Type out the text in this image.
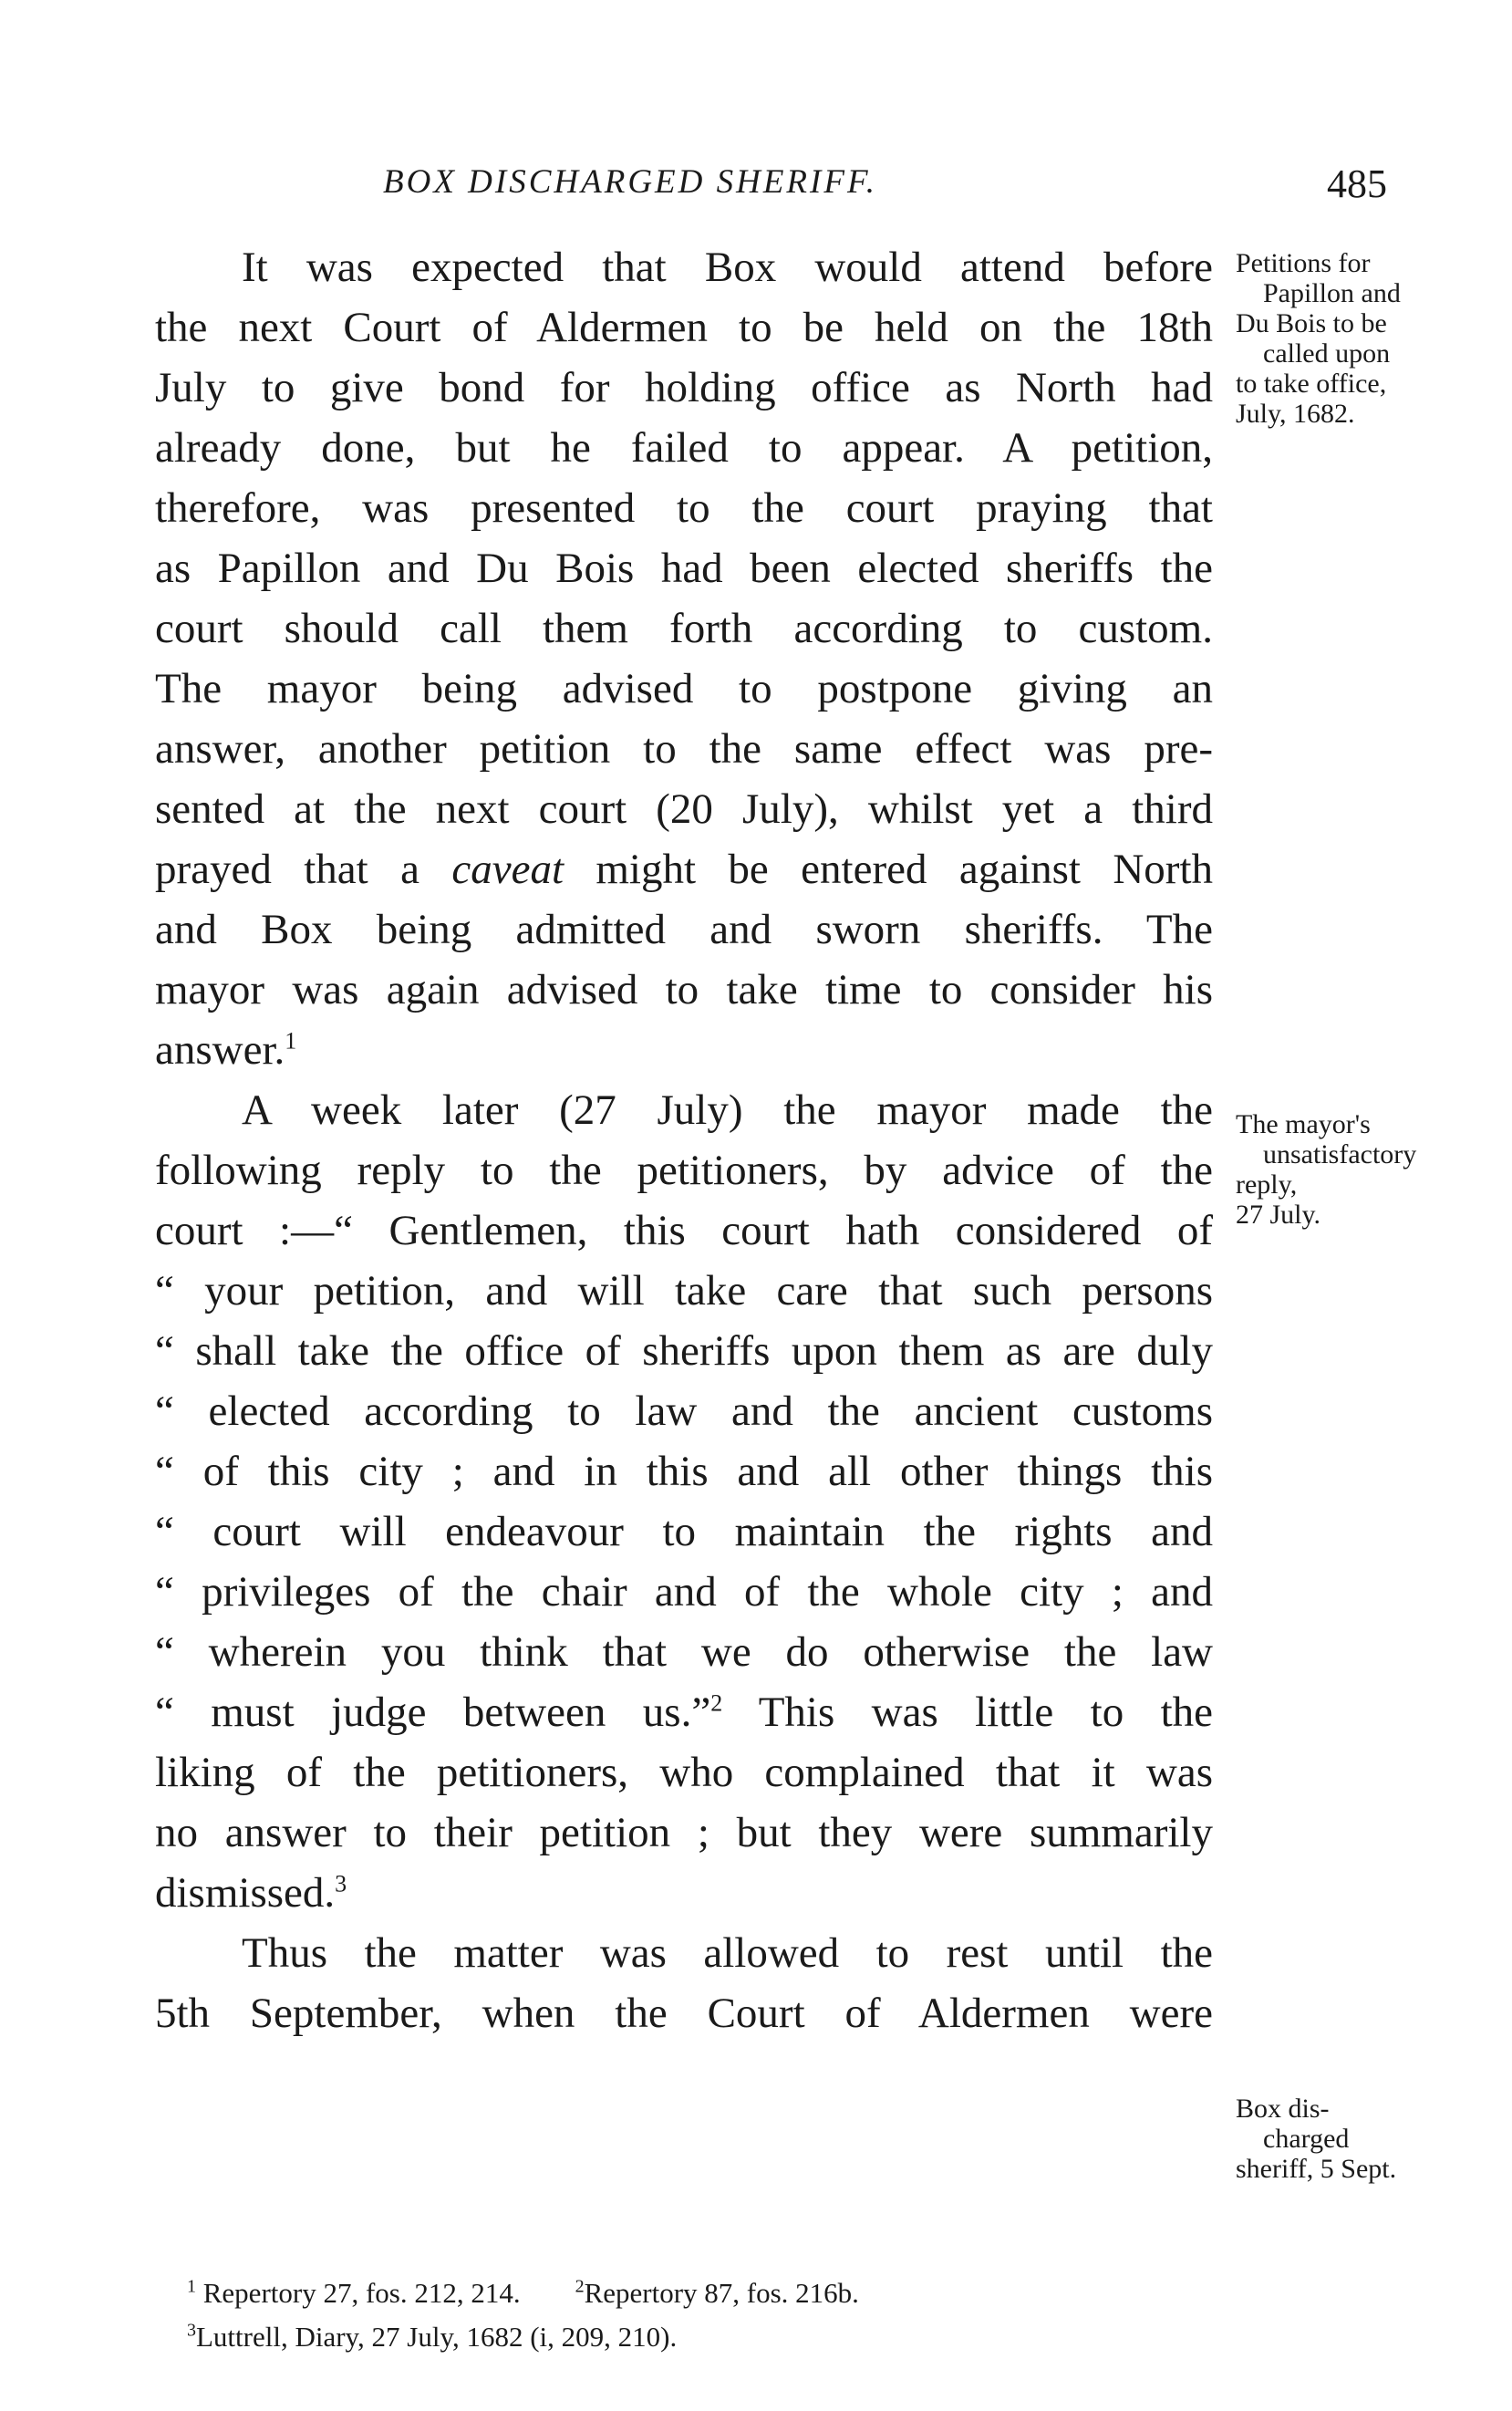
BOX DISCHARGED SHERIFF.	485

It was expected that Box would attend before
the next Court of Aldermen to be held on the 18th
July to give bond for holding office as North had
already done, but he failed to appear. A petition,
therefore, was presented to the court praying that
as Papillon and Du Bois had been elected sheriffs the
court should call them forth according to custom.
The mayor being advised to postpone giving an
answer, another petition to the same effect was pre-
sented at the next court (20 July), whilst yet a third
prayed that a caveat might be entered against North
and Box being admitted and sworn sheriffs. The
mayor was again advised to take time to consider his
answer.$^1$

A week later (27 July) the mayor made the
following reply to the petitioners, by advice of the
court :—“ Gentlemen, this court hath considered of
“ your petition, and will take care that such persons
“ shall take the office of sheriffs upon them as are duly
“ elected according to law and the ancient customs
“ of this city ; and in this and all other things this
“ court will endeavour to maintain the rights and
“ privileges of the chair and of the whole city ; and
“ wherein you think that we do otherwise the law
“ must judge between us.”$^2$ This was little to the
liking of the petitioners, who complained that it was
no answer to their petition ; but they were summarily
dismissed.$^3$

Thus the matter was allowed to rest until the
5th September, when the Court of Aldermen were

Petitions for
Papillon and
Du Bois to be
called upon
to take office,
July, 1682.
The mayor's
unsatisfactory
reply,
27 July.
Box dis-
charged
sheriff, 5 Sept.
$^1$ Repertory 27, fos. 212, 214.	$^2$Repertory 87, fos. 216b.
$^3$Luttrell, Diary, 27 July, 1682 (i, 209, 210).
